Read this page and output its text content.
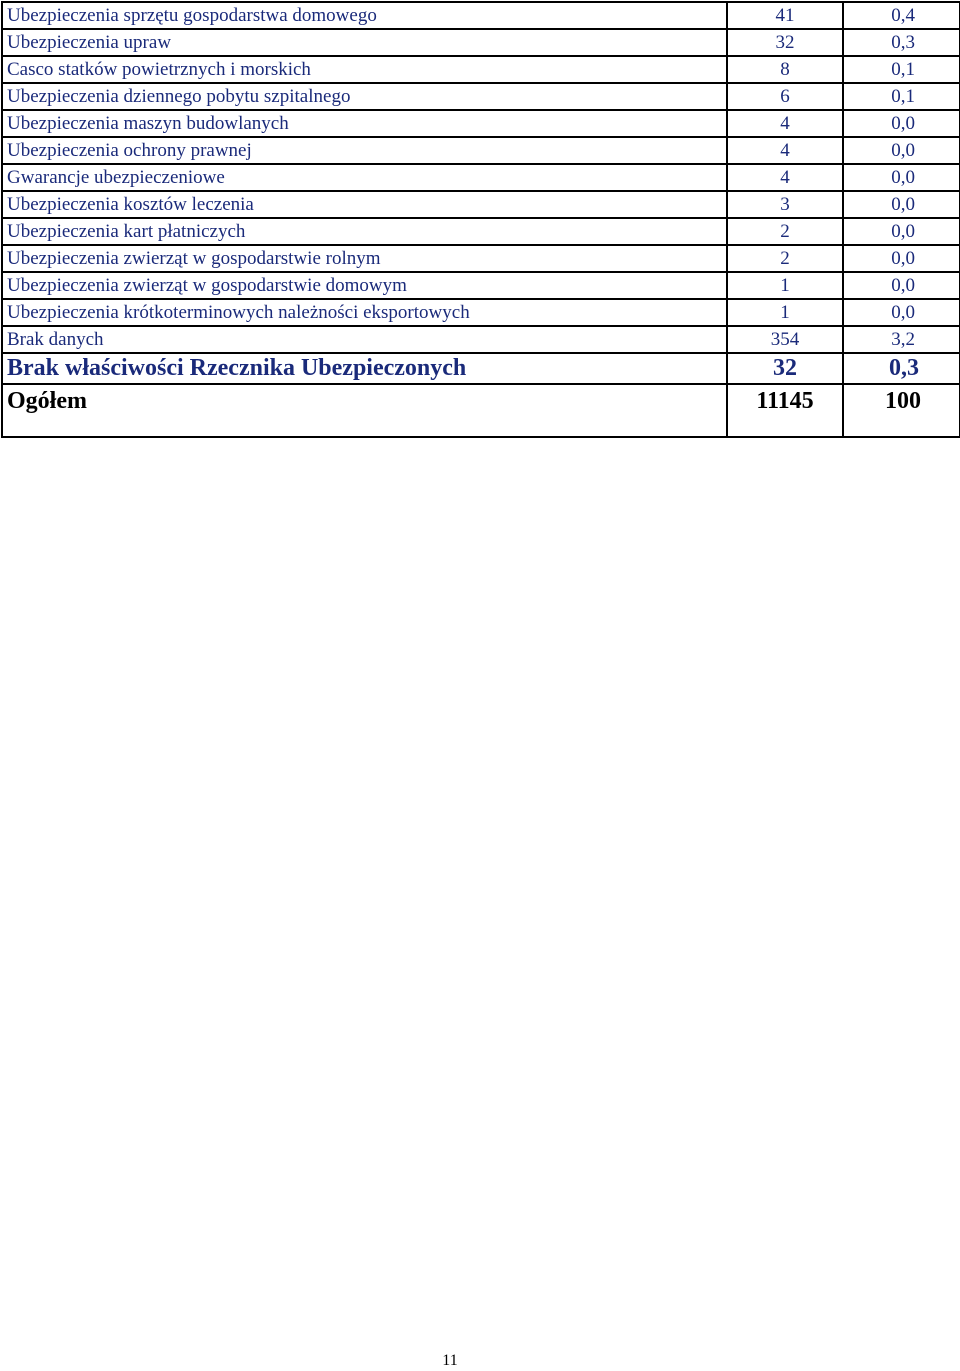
Ubezpieczenia sprzętu gospodarstwa domowego	41	0,4
Ubezpieczenia upraw	32	0,3
Casco statków powietrznych i morskich	8	0,1
Ubezpieczenia dziennego pobytu szpitalnego	6	0,1
Ubezpieczenia maszyn budowlanych	4	0,0
Ubezpieczenia ochrony prawnej	4	0,0
Gwarancje ubezpieczeniowe	4	0,0
Ubezpieczenia kosztów leczenia	3	0,0
Ubezpieczenia kart płatniczych	2	0,0
Ubezpieczenia zwierząt w gospodarstwie rolnym	2	0,0
Ubezpieczenia zwierząt w gospodarstwie domowym	1	0,0
Ubezpieczenia krótkoterminowych należności eksportowych	1	0,0
Brak danych	354	3,2
Brak właściwości Rzecznika Ubezpieczonych	32	0,3
Ogółem	11145	100
11
